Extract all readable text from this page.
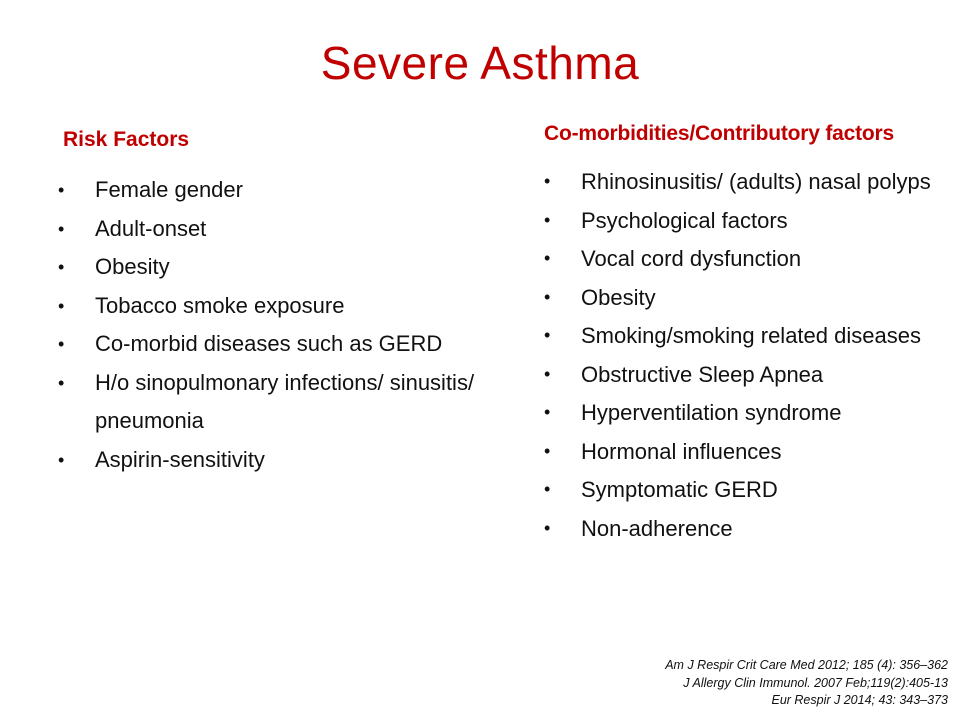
Severe Asthma
Risk Factors
• Female gender
• Adult-onset
• Obesity
• Tobacco smoke exposure
• Co-morbid diseases such as GERD
• H/o sinopulmonary infections/ sinusitis/ pneumonia
• Aspirin-sensitivity
Co-morbidities/Contributory factors
• Rhinosinusitis/ (adults) nasal polyps
• Psychological factors
• Vocal cord dysfunction
• Obesity
• Smoking/smoking related diseases
• Obstructive Sleep Apnea
• Hyperventilation syndrome
• Hormonal influences
• Symptomatic GERD
• Non-adherence
Am J Respir Crit Care Med 2012; 185 (4): 356–362
J Allergy Clin Immunol. 2007 Feb;119(2):405-13
Eur Respir J 2014; 43: 343–373
